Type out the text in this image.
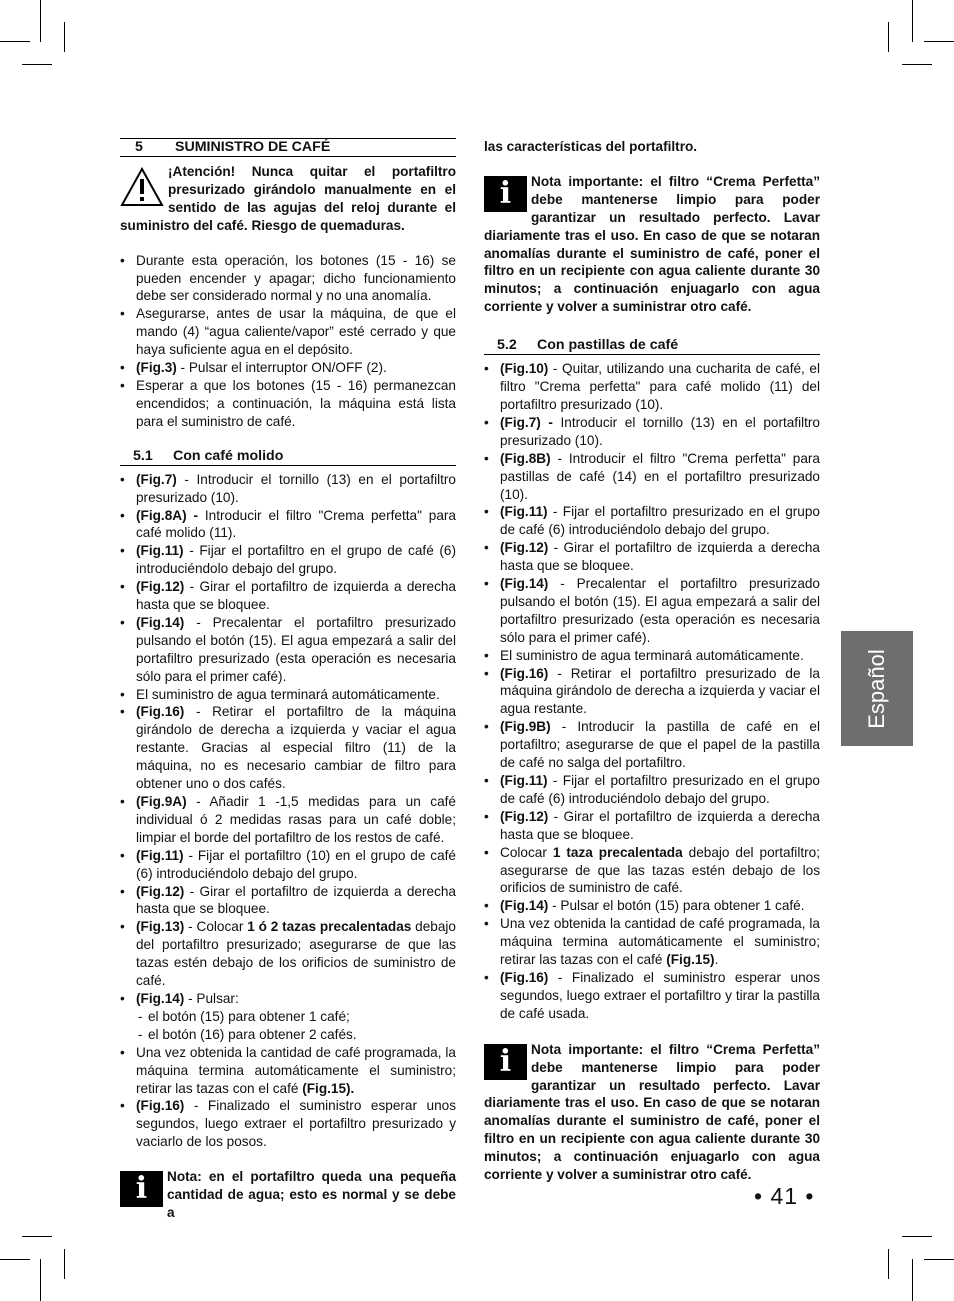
5 SUMINISTRO DE CAFÉ
¡Atención! Nunca quitar el portafiltro presurizado girándolo manualmente en el sentido de las agujas del reloj durante el suministro del café. Riesgo de quemaduras.
• Durante esta operación, los botones (15 - 16) se pueden encender y apagar; dicho funcionamiento debe ser considerado normal y no una anomalía.
• Asegurarse, antes de usar la máquina, de que el mando (4) “agua caliente/vapor” esté cerrado y que haya suficiente agua en el depósito.
• (Fig.3) - Pulsar el interruptor ON/OFF (2).
• Esperar a que los botones (15 - 16) permanezcan encendidos; a continuación, la máquina está lista para el suministro de café.
5.1 Con café molido
• (Fig.7) - Introducir el tornillo (13) en el portafiltro presurizado (10).
• (Fig.8A) - Introducir el filtro "Crema perfetta" para café molido (11).
• (Fig.11) - Fijar el portafiltro en el grupo de café (6) introduciéndolo debajo del grupo.
• (Fig.12) - Girar el portafiltro de izquierda a derecha hasta que se bloquee.
• (Fig.14) - Precalentar el portafiltro presurizado pulsando el botón (15). El agua empezará a salir del portafiltro presurizado (esta operación es necesaria sólo para el primer café).
• El suministro de agua terminará automáticamente.
• (Fig.16) - Retirar el portafiltro de la máquina girándolo de derecha a izquierda y vaciar el agua restante. Gracias al especial filtro (11) de la máquina, no es necesario cambiar de filtro para obtener uno o dos cafés.
• (Fig.9A) - Añadir 1 -1,5 medidas para un café individual ó 2 medidas rasas para un café doble; limpiar el borde del portafiltro de los restos de café.
• (Fig.11) - Fijar el portafiltro (10) en el grupo de café (6) introduciéndolo debajo del grupo.
• (Fig.12) - Girar el portafiltro de izquierda a derecha hasta que se bloquee.
• (Fig.13) - Colocar 1 ó 2 tazas precalentadas debajo del portafiltro presurizado; asegurarse de que las tazas estén debajo de los orificios de suministro de café.
• (Fig.14) - Pulsar:
- el botón (15) para obtener 1 café;
- el botón (16) para obtener 2 cafés.
• Una vez obtenida la cantidad de café programada, la máquina termina automáticamente el suministro; retirar las tazas con el café (Fig.15).
• (Fig.16) - Finalizado el suministro esperar unos segundos, luego extraer el portafiltro presurizado y vaciarlo de los posos.
i	Nota: en el portafiltro queda una pequeña cantidad de agua; esto es normal y se debe a
las características del portafiltro.
i	Nota importante: el filtro “Crema Perfetta” debe mantenerse limpio para poder garantizar un resultado perfecto. Lavar diariamente tras el uso. En caso de que se notaran anomalías durante el suministro de café, poner el filtro en un recipiente con agua caliente durante 30 minutos; a continuación enjuagarlo con agua corriente y volver a suministrar otro café.
5.2 Con pastillas de café
• (Fig.10) - Quitar, utilizando una cucharita de café, el filtro "Crema perfetta" para café molido (11) del portafiltro presurizado (10).
• (Fig.7) - Introducir el tornillo (13) en el portafiltro presurizado (10).
• (Fig.8B) - Introducir el filtro "Crema perfetta" para pastillas de café (14) en el portafiltro presurizado (10).
• (Fig.11) - Fijar el portafiltro presurizado en el grupo de café (6) introduciéndolo debajo del grupo.
• (Fig.12) - Girar el portafiltro de izquierda a derecha hasta que se bloquee.
• (Fig.14) - Precalentar el portafiltro presurizado pulsando el botón (15). El agua empezará a salir del portafiltro presurizado (esta operación es necesaria sólo para el primer café).
• El suministro de agua terminará automáticamente.
• (Fig.16) - Retirar el portafiltro presurizado de la máquina girándolo de derecha a izquierda y vaciar el agua restante.
• (Fig.9B) - Introducir la pastilla de café en el portafiltro; asegurarse de que el papel de la pastilla de café no salga del portafiltro.
• (Fig.11) - Fijar el portafiltro presurizado en el grupo de café (6) introduciéndolo debajo del grupo.
• (Fig.12) - Girar el portafiltro de izquierda a derecha hasta que se bloquee.
• Colocar 1 taza precalentada debajo del portafiltro; asegurarse de que las tazas estén debajo de los orificios de suministro de café.
• (Fig.14) - Pulsar el botón (15) para obtener 1 café.
• Una vez obtenida la cantidad de café programada, la máquina termina automáticamente el suministro; retirar las tazas con el café (Fig.15).
• (Fig.16) - Finalizado el suministro esperar unos segundos, luego extraer el portafiltro y tirar la pastilla de café usada.
i	Nota importante: el filtro “Crema Perfetta” debe mantenerse limpio para poder garantizar un resultado perfecto. Lavar diariamente tras el uso. En caso de que se notaran anomalías durante el suministro de café, poner el filtro en un recipiente con agua caliente durante 30 minutos; a continuación enjuagarlo con agua corriente y volver a suministrar otro café.
Español
• 41 •
